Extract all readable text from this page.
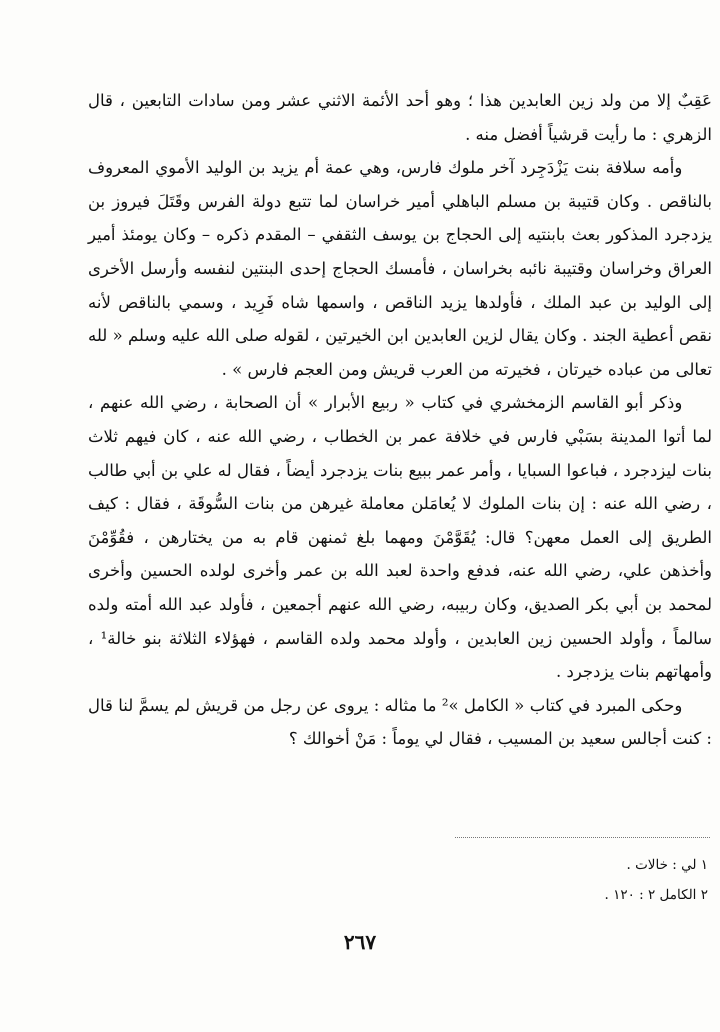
عَقِبٌ إلا من ولد زين العابدين هذا ؛ وهو أحد الأئمة الاثني عشر ومن سادات التابعين ، قال الزهري : ما رأيت قرشياً أفضل منه .

وأمه سلافة بنت يَزْدَجِرد آخر ملوك فارس، وهي عمة أم يزيد بن الوليد الأموي المعروف بالناقص . وكان قتيبة بن مسلم الباهلي أمير خراسان لما تتبع دولة الفرس وقَتَلَ فيروز بن يزدجرد المذكور بعث بابنتيه إلى الحجاج بن يوسف الثقفي – المقدم ذكره – وكان يومئذ أمير العراق وخراسان وقتيبة نائبه بخراسان ، فأمسك الحجاج إحدى البنتين لنفسه وأرسل الأخرى إلى الوليد بن عبد الملك ، فأولدها يزيد الناقص ، واسمها شاه فَرِيد ، وسمي بالناقص لأنه نقص أعطية الجند . وكان يقال لزين العابدين ابن الخيرتين ، لقوله صلى الله عليه وسلم « لله تعالى من عباده خيرتان ، فخيرته من العرب قريش ومن العجم فارس » .

وذكر أبو القاسم الزمخشري في كتاب « ربيع الأبرار » أن الصحابة ، رضي الله عنهم ، لما أتوا المدينة بسَبْي فارس في خلافة عمر بن الخطاب ، رضي الله عنه ، كان فيهم ثلاث بنات ليزدجرد ، فباعوا السبايا ، وأمر عمر ببيع بنات يزدجرد أيضاً ، فقال له علي بن أبي طالب ، رضي الله عنه : إن بنات الملوك لا يُعامَلن معاملة غيرهن من بنات السُّوقَة ، فقال : كيف الطريق إلى العمل معهن؟ قال: يُقَوَّمْنَ ومهما بلغ ثمنهن قام به من يختارهن ، فقُوِّمْنَ وأخذهن علي، رضي الله عنه، فدفع واحدة لعبد الله بن عمر وأخرى لولده الحسين وأخرى لمحمد بن أبي بكر الصديق، وكان ربيبه، رضي الله عنهم أجمعين ، فأولد عبد الله أمته ولده سالماً ، وأولد الحسين زين العابدين ، وأولد محمد ولده القاسم ، فهؤلاء الثلاثة بنو خالة¹ ، وأمهاتهم بنات يزدجرد .

وحكى المبرد في كتاب « الكامل »² ما مثاله : يروى عن رجل من قريش لم يسمَّ لنا قال : كنت أجالس سعيد بن المسيب ، فقال لي يوماً : مَنْ أخوالك ؟

١ لي : خالات .
٢ الكامل ٢ : ١٢٠ .
٢٦٧
